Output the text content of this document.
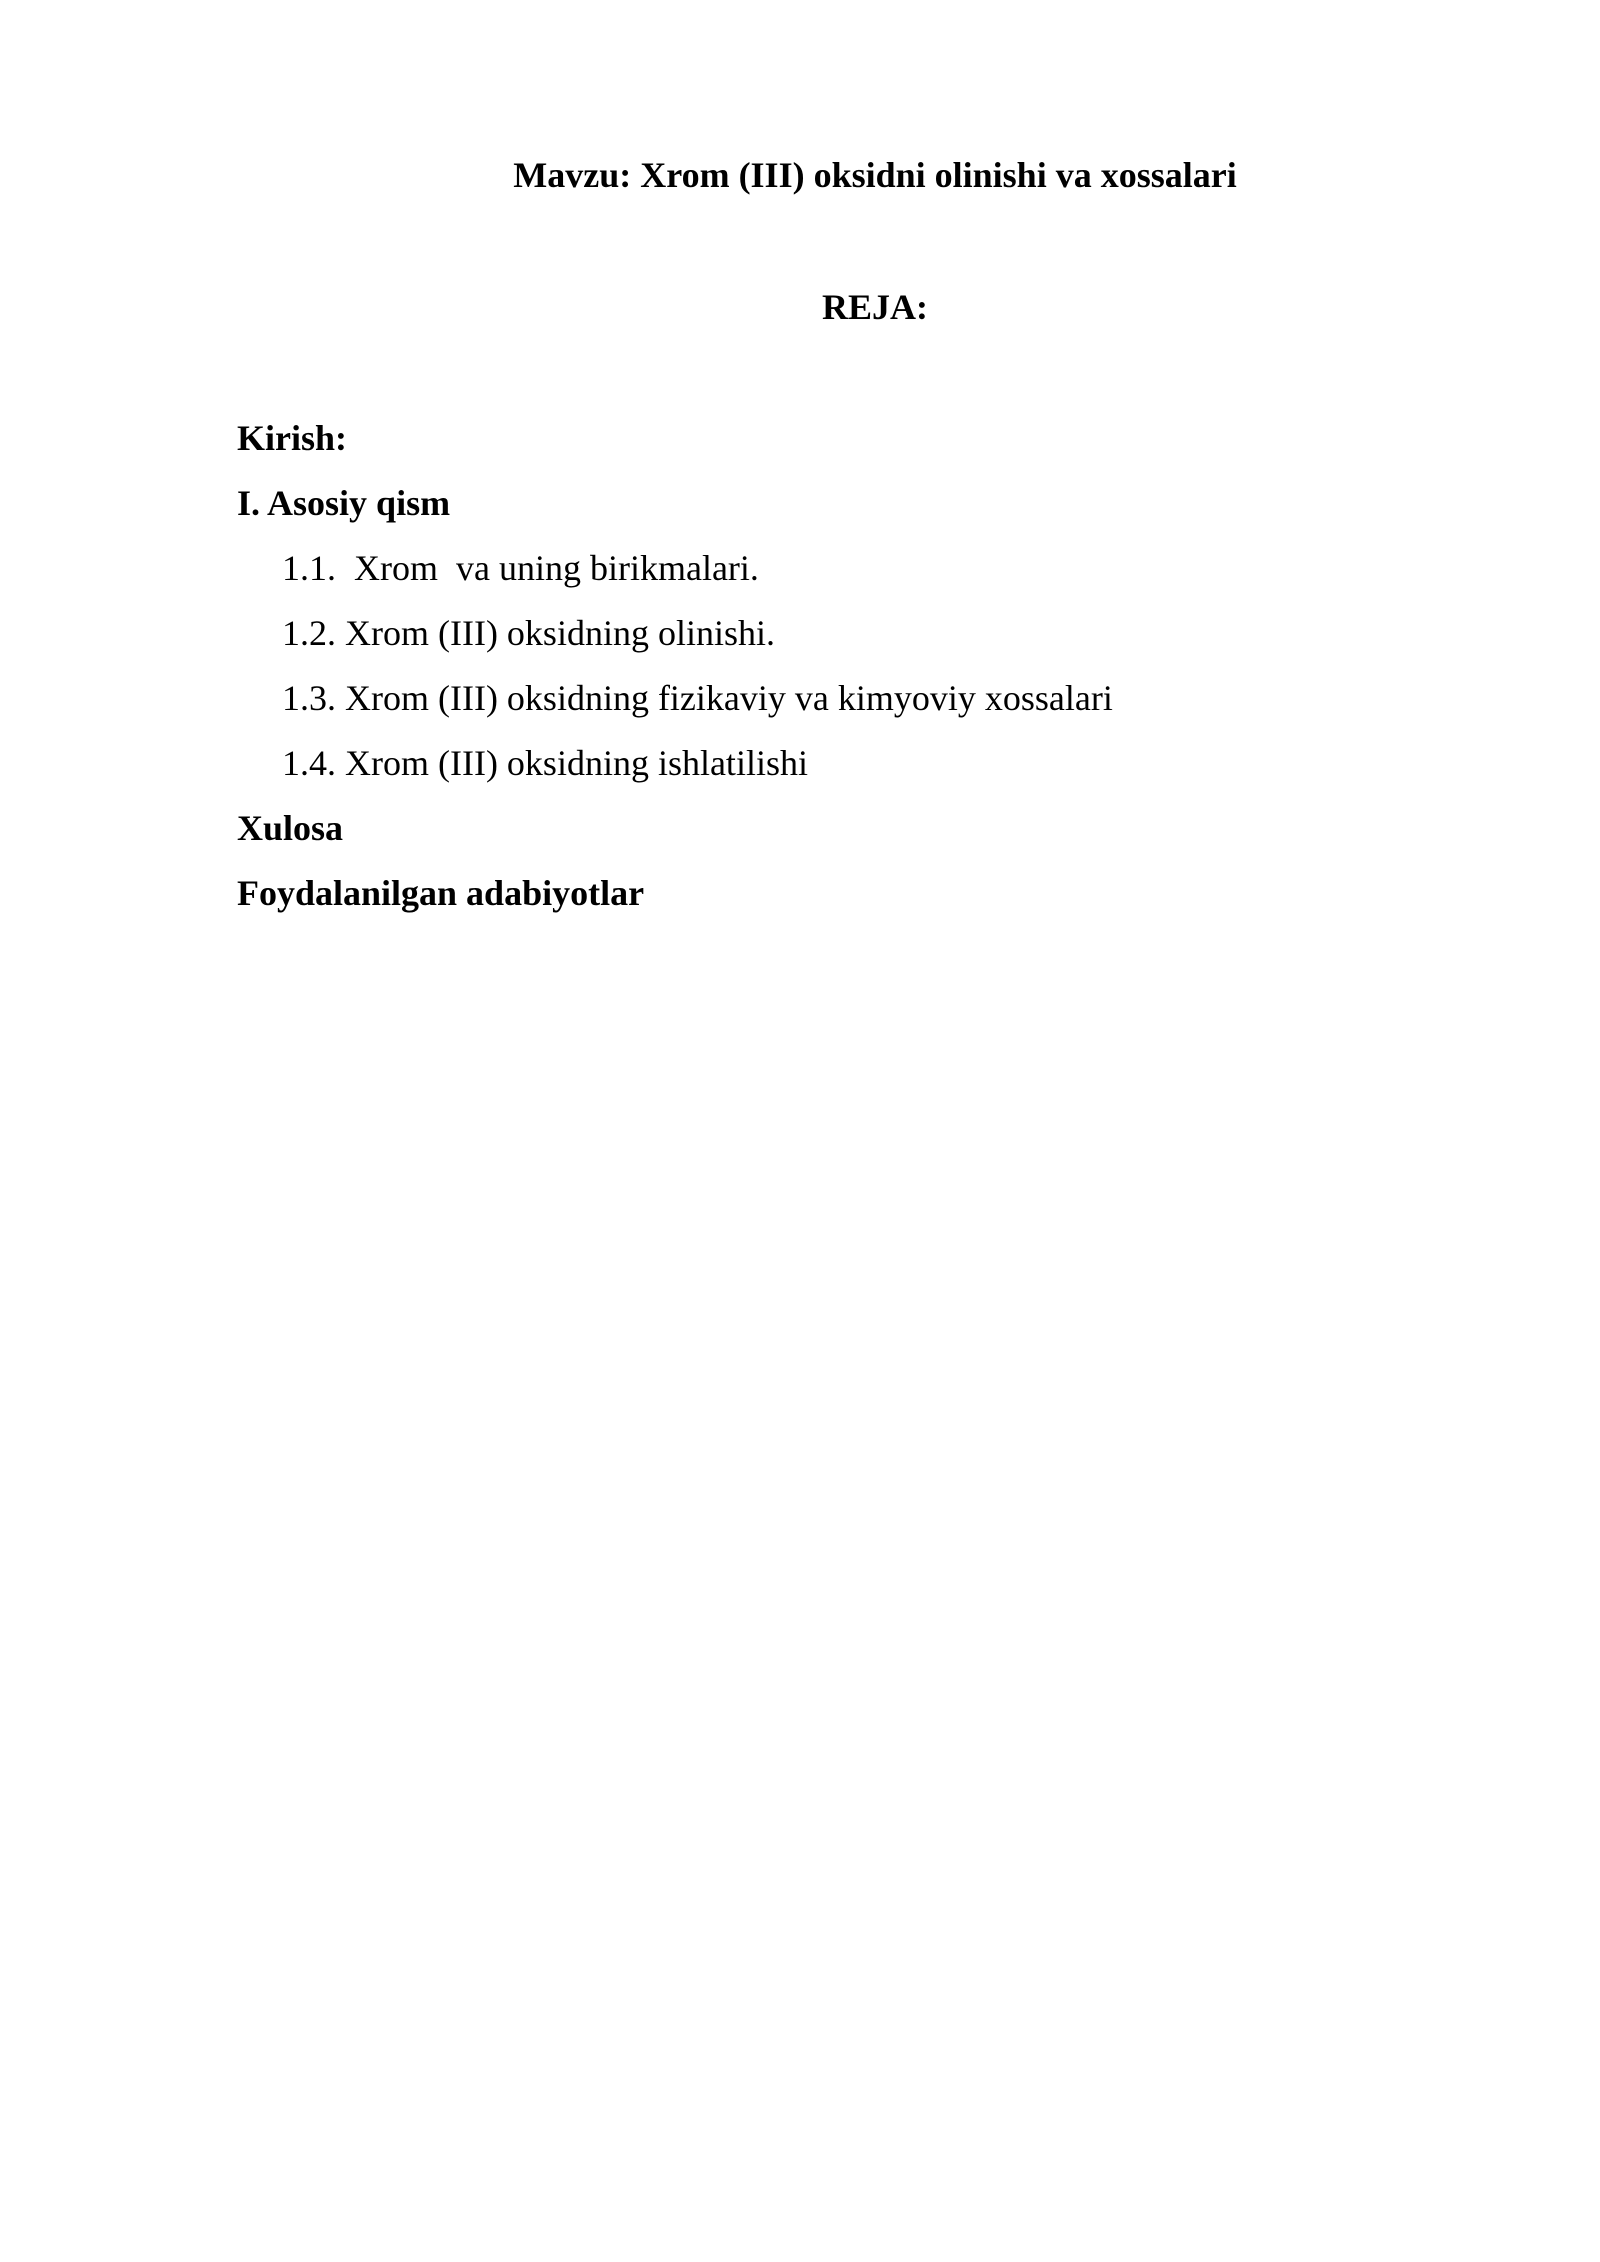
Mavzu: Xrom (III) oksidni olinishi va xossalari
REJA:
Kirish:
I. Asosiy qism
1.1.  Xrom  va uning birikmalari.
1.2. Xrom (III) oksidning olinishi.
1.3. Xrom (III) oksidning fizikaviy va kimyoviy xossalari
1.4. Xrom (III) oksidning ishlatilishi
Xulosa
Foydalanilgan adabiyotlar
